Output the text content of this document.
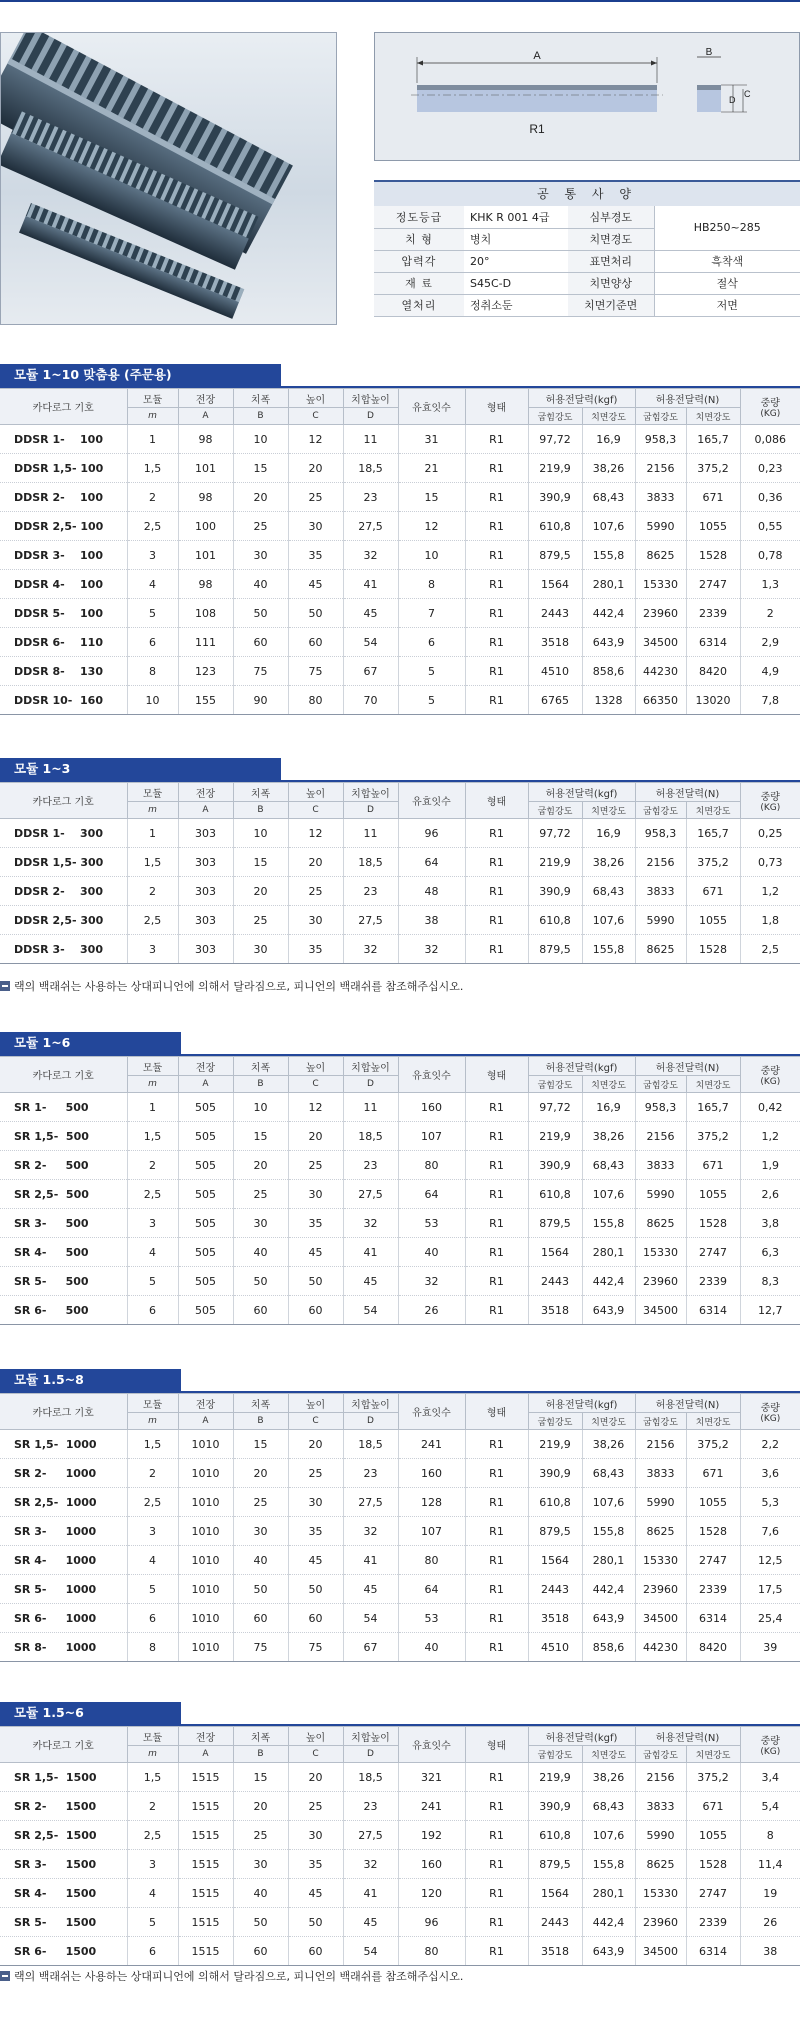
A
R1
B
D
C
공 통 사 양
정도등급	KHK R 001 4급	심부경도	HB250~285
치 형	병치	치면경도	
압력각	20°	표면처리	흑착색
재 료	S45C-D	치면양상	절삭
열처리	정취소둔	치면기준면	저면
모듈 1~10 맞춤용 (주문용)
카다로그 기호	모듈	전장	치폭	높이	치합높이	유효잇수	형태	허용전달력(kgf)		허용전달력(N)		중량
(KG)

	m	A	B	C	D			굽힘강도	치면강도	굽힘강도	치면강도	
DDSR 1-    100	1	98	10	12	11	31	R1	97,72	16,9	958,3	165,7	0,086
DDSR 1,5- 100	1,5	101	15	20	18,5	21	R1	219,9	38,26	2156	375,2	0,23
DDSR 2-    100	2	98	20	25	23	15	R1	390,9	68,43	3833	671	0,36
DDSR 2,5- 100	2,5	100	25	30	27,5	12	R1	610,8	107,6	5990	1055	0,55
DDSR 3-    100	3	101	30	35	32	10	R1	879,5	155,8	8625	1528	0,78
DDSR 4-    100	4	98	40	45	41	8	R1	1564	280,1	15330	2747	1,3
DDSR 5-    100	5	108	50	50	45	7	R1	2443	442,4	23960	2339	2
DDSR 6-    110	6	111	60	60	54	6	R1	3518	643,9	34500	6314	2,9
DDSR 8-    130	8	123	75	75	67	5	R1	4510	858,6	44230	8420	4,9
DDSR 10-  160	10	155	90	80	70	5	R1	6765	1328	66350	13020	7,8
모듈 1~3
카다로그 기호	모듈	전장	치폭	높이	치합높이	유효잇수	형태	허용전달력(kgf)		허용전달력(N)		중량
(KG)

	m	A	B	C	D			굽힘강도	치면강도	굽힘강도	치면강도	
DDSR 1-    300	1	303	10	12	11	96	R1	97,72	16,9	958,3	165,7	0,25
DDSR 1,5- 300	1,5	303	15	20	18,5	64	R1	219,9	38,26	2156	375,2	0,73
DDSR 2-    300	2	303	20	25	23	48	R1	390,9	68,43	3833	671	1,2
DDSR 2,5- 300	2,5	303	25	30	27,5	38	R1	610,8	107,6	5990	1055	1,8
DDSR 3-    300	3	303	30	35	32	32	R1	879,5	155,8	8625	1528	2,5
랙의 백래쉬는 사용하는 상대피니언에 의해서 달라짐으로, 피니언의 백래쉬를 참조해주십시오.
모듈 1~6
카다로그 기호	모듈	전장	치폭	높이	치합높이	유효잇수	형태	허용전달력(kgf)		허용전달력(N)		중량
(KG)

	m	A	B	C	D			굽힘강도	치면강도	굽힘강도	치면강도	
SR 1-     500	1	505	10	12	11	160	R1	97,72	16,9	958,3	165,7	0,42
SR 1,5-  500	1,5	505	15	20	18,5	107	R1	219,9	38,26	2156	375,2	1,2
SR 2-     500	2	505	20	25	23	80	R1	390,9	68,43	3833	671	1,9
SR 2,5-  500	2,5	505	25	30	27,5	64	R1	610,8	107,6	5990	1055	2,6
SR 3-     500	3	505	30	35	32	53	R1	879,5	155,8	8625	1528	3,8
SR 4-     500	4	505	40	45	41	40	R1	1564	280,1	15330	2747	6,3
SR 5-     500	5	505	50	50	45	32	R1	2443	442,4	23960	2339	8,3
SR 6-     500	6	505	60	60	54	26	R1	3518	643,9	34500	6314	12,7
모듈 1.5~8
카다로그 기호	모듈	전장	치폭	높이	치합높이	유효잇수	형태	허용전달력(kgf)		허용전달력(N)		중량
(KG)

	m	A	B	C	D			굽힘강도	치면강도	굽힘강도	치면강도	
SR 1,5-  1000	1,5	1010	15	20	18,5	241	R1	219,9	38,26	2156	375,2	2,2
SR 2-     1000	2	1010	20	25	23	160	R1	390,9	68,43	3833	671	3,6
SR 2,5-  1000	2,5	1010	25	30	27,5	128	R1	610,8	107,6	5990	1055	5,3
SR 3-     1000	3	1010	30	35	32	107	R1	879,5	155,8	8625	1528	7,6
SR 4-     1000	4	1010	40	45	41	80	R1	1564	280,1	15330	2747	12,5
SR 5-     1000	5	1010	50	50	45	64	R1	2443	442,4	23960	2339	17,5
SR 6-     1000	6	1010	60	60	54	53	R1	3518	643,9	34500	6314	25,4
SR 8-     1000	8	1010	75	75	67	40	R1	4510	858,6	44230	8420	39
모듈 1.5~6
카다로그 기호	모듈	전장	치폭	높이	치합높이	유효잇수	형태	허용전달력(kgf)		허용전달력(N)		중량
(KG)

	m	A	B	C	D			굽힘강도	치면강도	굽힘강도	치면강도	
SR 1,5-  1500	1,5	1515	15	20	18,5	321	R1	219,9	38,26	2156	375,2	3,4
SR 2-     1500	2	1515	20	25	23	241	R1	390,9	68,43	3833	671	5,4
SR 2,5-  1500	2,5	1515	25	30	27,5	192	R1	610,8	107,6	5990	1055	8
SR 3-     1500	3	1515	30	35	32	160	R1	879,5	155,8	8625	1528	11,4
SR 4-     1500	4	1515	40	45	41	120	R1	1564	280,1	15330	2747	19
SR 5-     1500	5	1515	50	50	45	96	R1	2443	442,4	23960	2339	26
SR 6-     1500	6	1515	60	60	54	80	R1	3518	643,9	34500	6314	38
랙의 백래쉬는 사용하는 상대피니언에 의해서 달라짐으로, 피니언의 백래쉬를 참조해주십시오.
